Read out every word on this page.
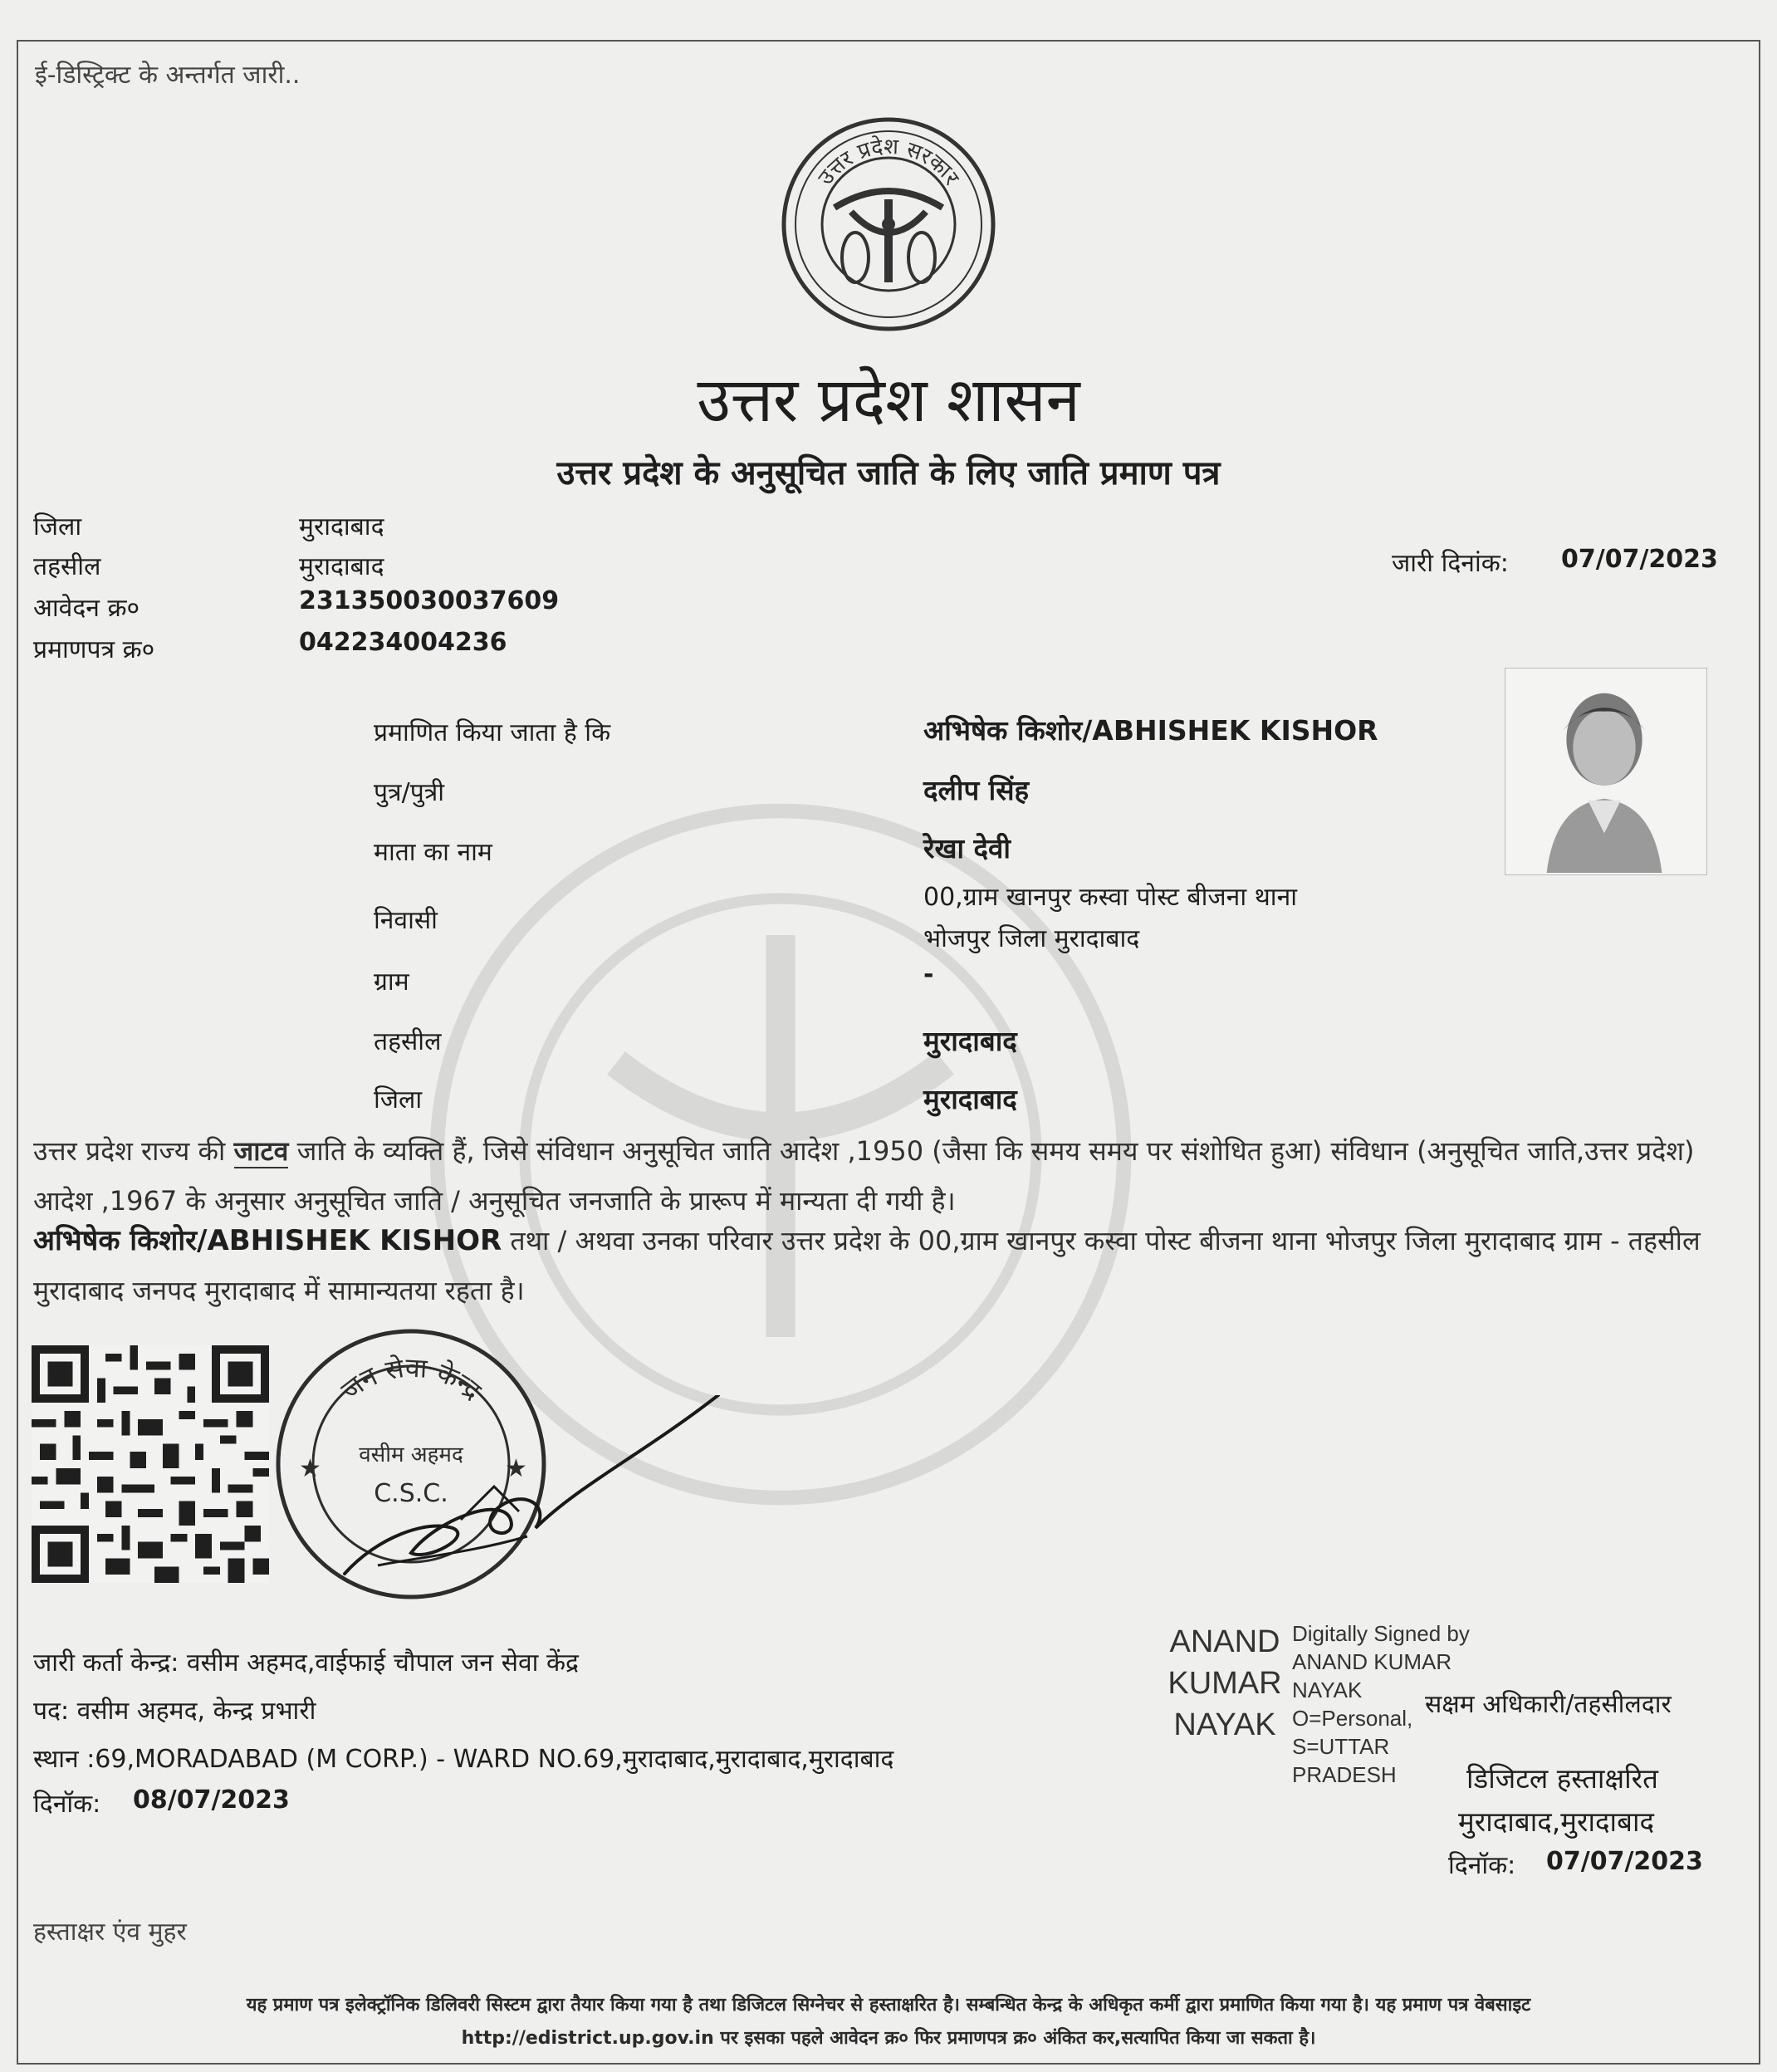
ई-डिस्ट्रिक्ट के अन्तर्गत जारी..
उत्तर प्रदेश सरकार
उत्तर प्रदेश शासन
उत्तर प्रदेश के अनुसूचित जाति के लिए जाति प्रमाण पत्र
जिला	मुरादाबाद
तहसील	मुरादाबाद
आवेदन क्र०	231350030037609
प्रमाणपत्र क्र०	042234004236
जारी दिनांक: 07/07/2023
प्रमाणित किया जाता है कि	अभिषेक किशोर/ABHISHEK KISHOR
पुत्र/पुत्री	दलीप सिंह
माता का नाम	रेखा देवी
निवासी
00,ग्राम खानपुर कस्वा पोस्ट बीजना थाना
भोजपुर जिला मुरादाबाद
ग्राम	-
तहसील	मुरादाबाद
जिला	मुरादाबाद
उत्तर प्रदेश राज्य की जाटव जाति के व्यक्ति हैं, जिसे संविधान अनुसूचित जाति आदेश ,1950 (जैसा कि समय समय पर संशोधित हुआ) संविधान (अनुसूचित जाति,उत्तर प्रदेश) आदेश ,1967 के अनुसार अनुसूचित जाति / अनुसूचित जनजाति के प्रारूप में मान्यता दी गयी है।
अभिषेक किशोर/ABHISHEK KISHOR तथा / अथवा उनका परिवार उत्तर प्रदेश के 00,ग्राम खानपुर कस्वा पोस्ट बीजना थाना भोजपुर जिला मुरादाबाद ग्राम - तहसील मुरादाबाद जनपद मुरादाबाद में सामान्यतया रहता है।
जन सेवा केन्द्र
वसीम अहमद
C.S.C.
★	★
जारी कर्ता केन्द्र: वसीम अहमद,वाईफाई चौपाल जन सेवा केंद्र
पद: वसीम अहमद, केन्द्र प्रभारी
स्थान :69,MORADABAD (M CORP.) - WARD NO.69,मुरादाबाद,मुरादाबाद,मुरादाबाद
दिनॉक: 08/07/2023
ANAND KUMAR NAYAK
Digitally Signed by ANAND KUMAR NAYAK O=Personal, S=UTTAR PRADESH
सक्षम अधिकारी/तहसीलदार
डिजिटल हस्ताक्षरित
मुरादाबाद,मुरादाबाद
दिनॉक: 07/07/2023
हस्ताक्षर एंव मुहर
यह प्रमाण पत्र इलेक्ट्रॉनिक डिलिवरी सिस्टम द्वारा तैयार किया गया है तथा डिजिटल सिग्नेचर से हस्ताक्षरित है। सम्बन्धित केन्द्र के अधिकृत कर्मी द्वारा प्रमाणित किया गया है। यह प्रमाण पत्र वेबसाइट
http://edistrict.up.gov.in पर इसका पहले आवेदन क्र० फिर प्रमाणपत्र क्र० अंकित कर,सत्यापित किया जा सकता है।
